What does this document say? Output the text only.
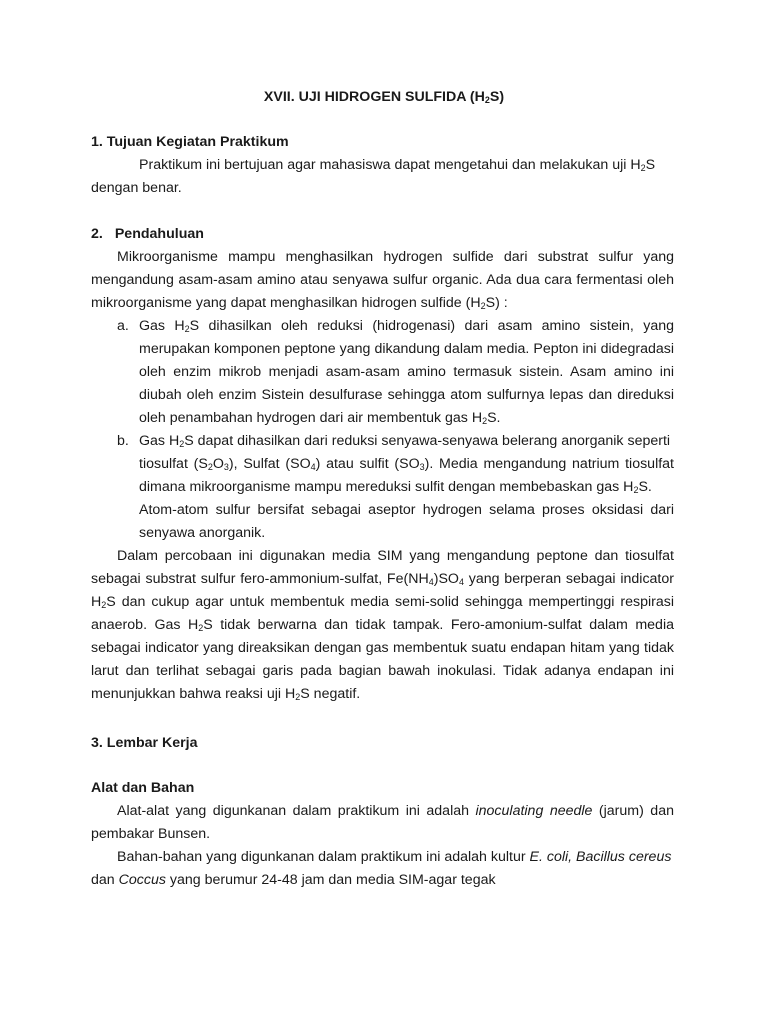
XVII. UJI HIDROGEN SULFIDA $(H_2S)$
1. Tujuan Kegiatan Praktikum
Praktikum ini bertujuan agar mahasiswa dapat mengetahui dan melakukan uji $H_2S$
dengan benar.
2. Pendahuluan
Mikroorganisme mampu menghasilkan hydrogen sulfide dari substrat sulfur yang
mengandung asam-asam amino atau senyawa sulfur organic. Ada dua cara fermentasi oleh
mikroorganisme yang dapat menghasilkan hidrogen sulfide $(H_2S)$ :
a. Gas $H_2S$ dihasilkan oleh reduksi (hidrogenasi) dari asam amino sistein, yang
merupakan komponen peptone yang dikandung dalam media. Pepton ini didegradasi
oleh enzim mikrob menjadi asam-asam amino termasuk sistein. Asam amino ini
diubah oleh enzim Sistein desulfurase sehingga atom sulfurnya lepas dan direduksi
oleh penambahan hydrogen dari air membentuk gas $H_2S$.
b. Gas $H_2S$ dapat dihasilkan dari reduksi senyawa-senyawa belerang anorganik seperti
tiosulfat $(S_2O_3)$, Sulfat $(SO_4)$ atau sulfit $(SO_3)$. Media mengandung natrium tiosulfat
dimana mikroorganisme mampu mereduksi sulfit dengan membebaskan gas $H_2S$.
Atom-atom sulfur bersifat sebagai aseptor hydrogen selama proses oksidasi dari
senyawa anorganik.
Dalam percobaan ini digunakan media SIM yang mengandung peptone dan tiosulfat
sebagai substrat sulfur fero-ammonium-sulfat, $Fe(NH_4)SO_4$ yang berperan sebagai indicator
$H_2S$ dan cukup agar untuk membentuk media semi-solid sehingga mempertinggi respirasi
anaerob. Gas $H_2S$ tidak berwarna dan tidak tampak. Fero-amonium-sulfat dalam media
sebagai indicator yang direaksikan dengan gas membentuk suatu endapan hitam yang tidak
larut dan terlihat sebagai garis pada bagian bawah inokulasi. Tidak adanya endapan ini
menunjukkan bahwa reaksi uji $H_2S$ negatif.
3. Lembar Kerja
Alat dan Bahan
Alat-alat yang digunkanan dalam praktikum ini adalah inoculating needle (jarum) dan
pembakar Bunsen.
Bahan-bahan yang digunkanan dalam praktikum ini adalah kultur E. coli, Bacillus cereus
dan Coccus yang berumur 24-48 jam dan media SIM-agar tegak
